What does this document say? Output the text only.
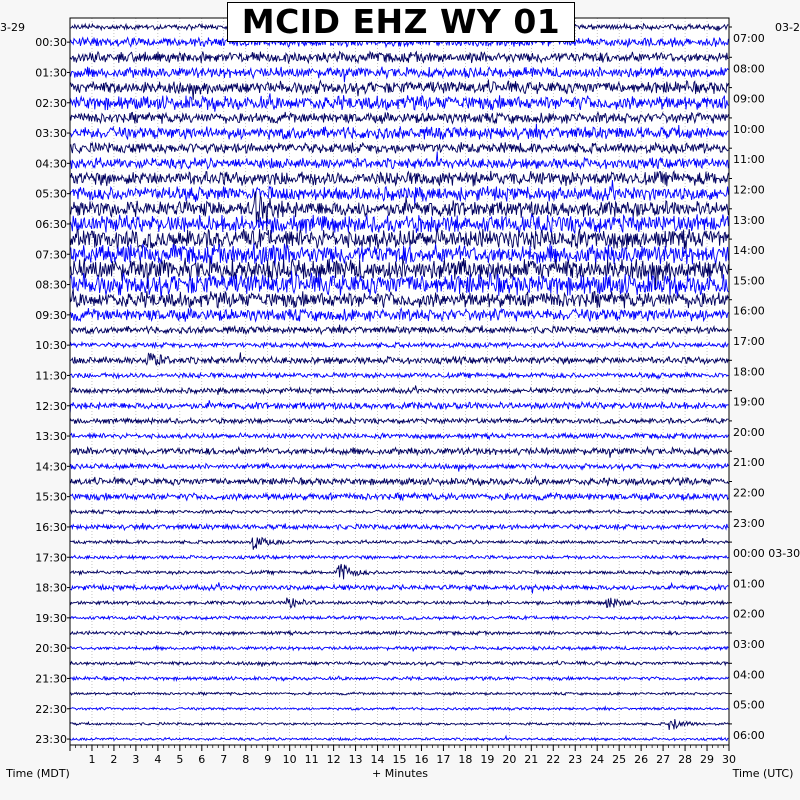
1 2 3 4 5 6 7 8 9 10 11 12 13 14 15 16 17 18 19 20 21 22 23 24 25 26 27 28 29 30
00:30
01:30
02:30
03:30
04:30
05:30
06:30
07:30
08:30
09:30
10:30
11:30
12:30
13:30
14:30
15:30
16:30
17:30
18:30
19:30
20:30
21:30
22:30
23:30
07:00
08:00
09:00
10:00
11:00
12:00
13:00
14:00
15:00
16:00
17:00
18:00
19:00
20:00
21:00
22:00
23:00
00:00 03-30
01:00
02:00
03:00
04:00
05:00
06:00
3-29	03-2
Time (MDT)	+ Minutes	Time (UTC)
MCID EHZ WY 01
